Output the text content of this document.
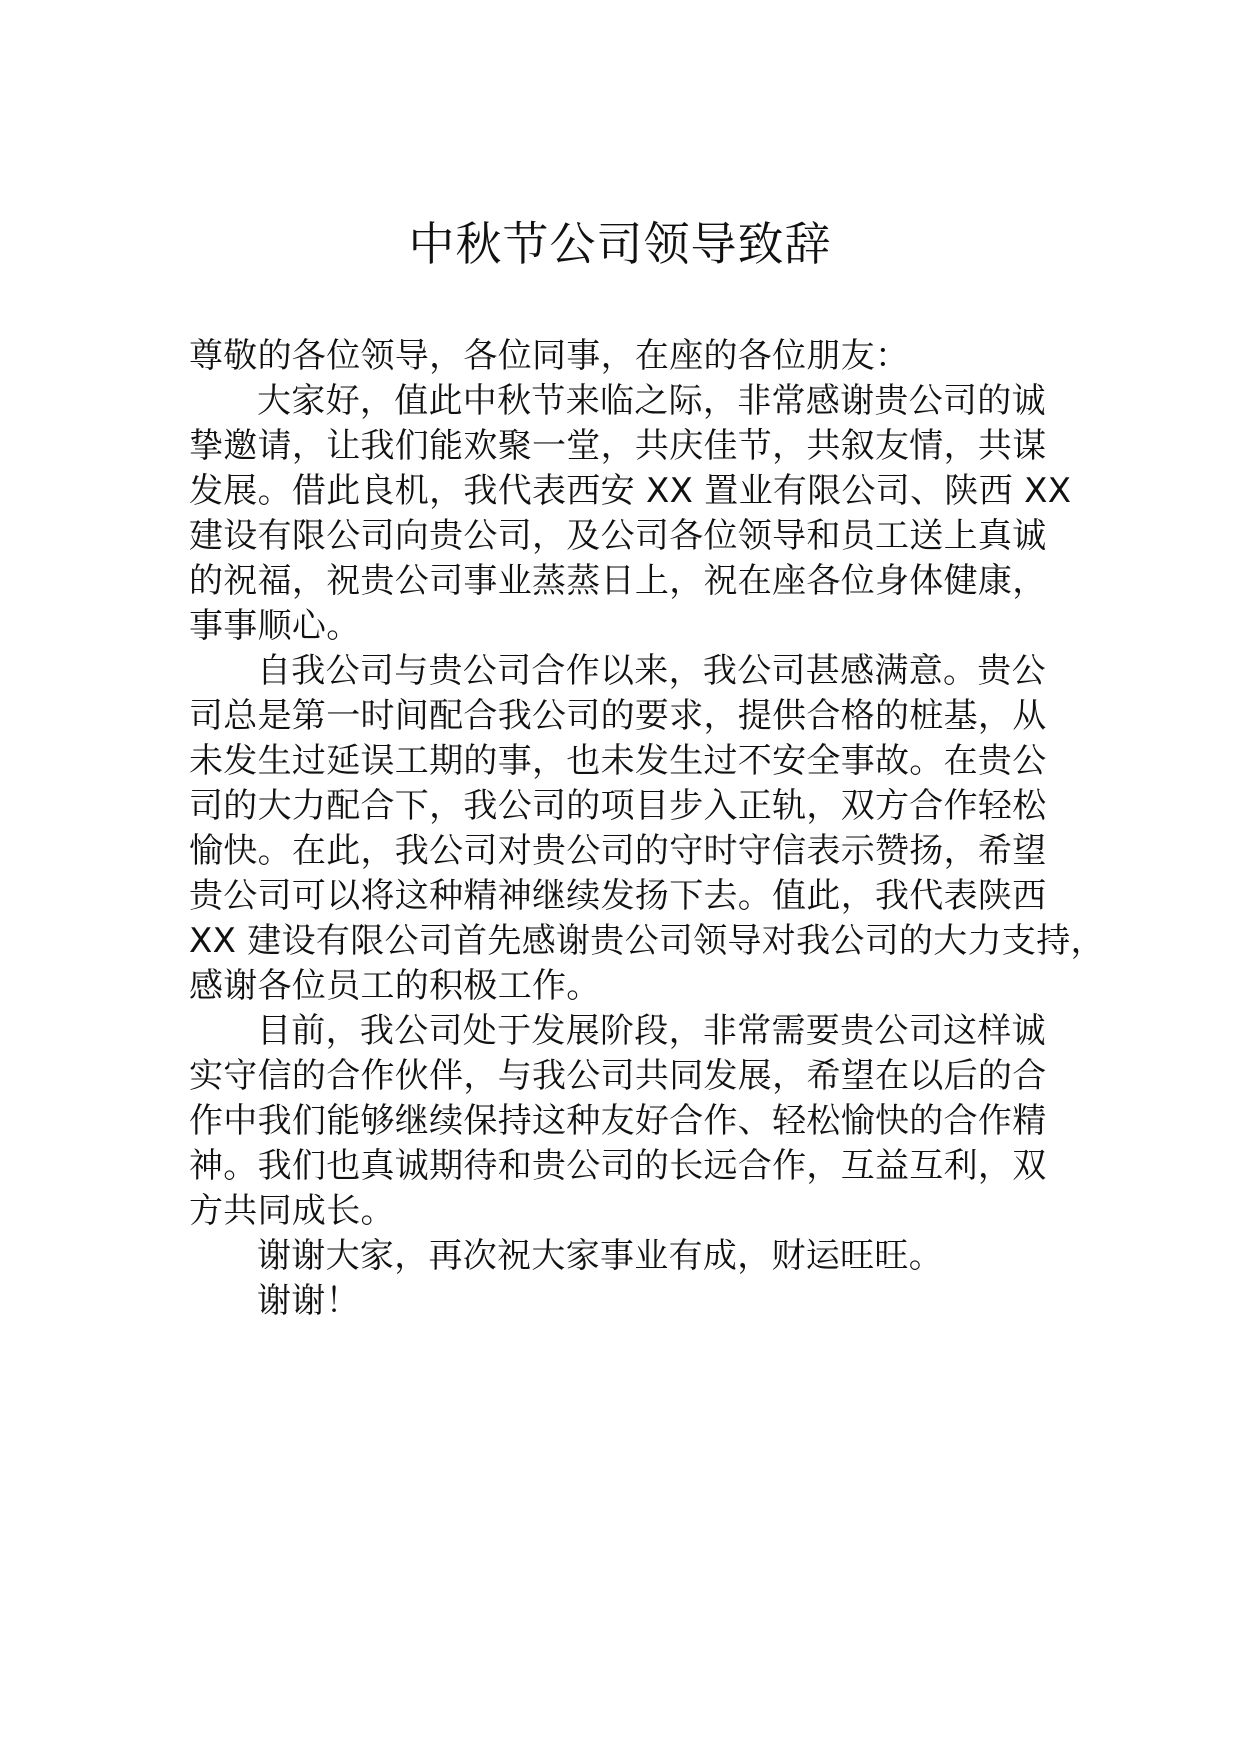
中秋节公司领导致辞
尊敬的各位领导，各位同事，在座的各位朋友：
大家好，值此中秋节来临之际，非常感谢贵公司的诚
挚邀请，让我们能欢聚一堂，共庆佳节，共叙友情，共谋
发展。借此良机，我代表西安 XX 置业有限公司、陕西 XX
建设有限公司向贵公司，及公司各位领导和员工送上真诚
的祝福，祝贵公司事业蒸蒸日上，祝在座各位身体健康，
事事顺心。
自我公司与贵公司合作以来，我公司甚感满意。贵公
司总是第一时间配合我公司的要求，提供合格的桩基，从
未发生过延误工期的事，也未发生过不安全事故。在贵公
司的大力配合下，我公司的项目步入正轨，双方合作轻松
愉快。在此，我公司对贵公司的守时守信表示赞扬，希望
贵公司可以将这种精神继续发扬下去。值此，我代表陕西
XX 建设有限公司首先感谢贵公司领导对我公司的大力支持，
感谢各位员工的积极工作。
目前，我公司处于发展阶段，非常需要贵公司这样诚
实守信的合作伙伴，与我公司共同发展，希望在以后的合
作中我们能够继续保持这种友好合作、轻松愉快的合作精
神。我们也真诚期待和贵公司的长远合作，互益互利，双
方共同成长。
谢谢大家，再次祝大家事业有成，财运旺旺。
谢谢！
